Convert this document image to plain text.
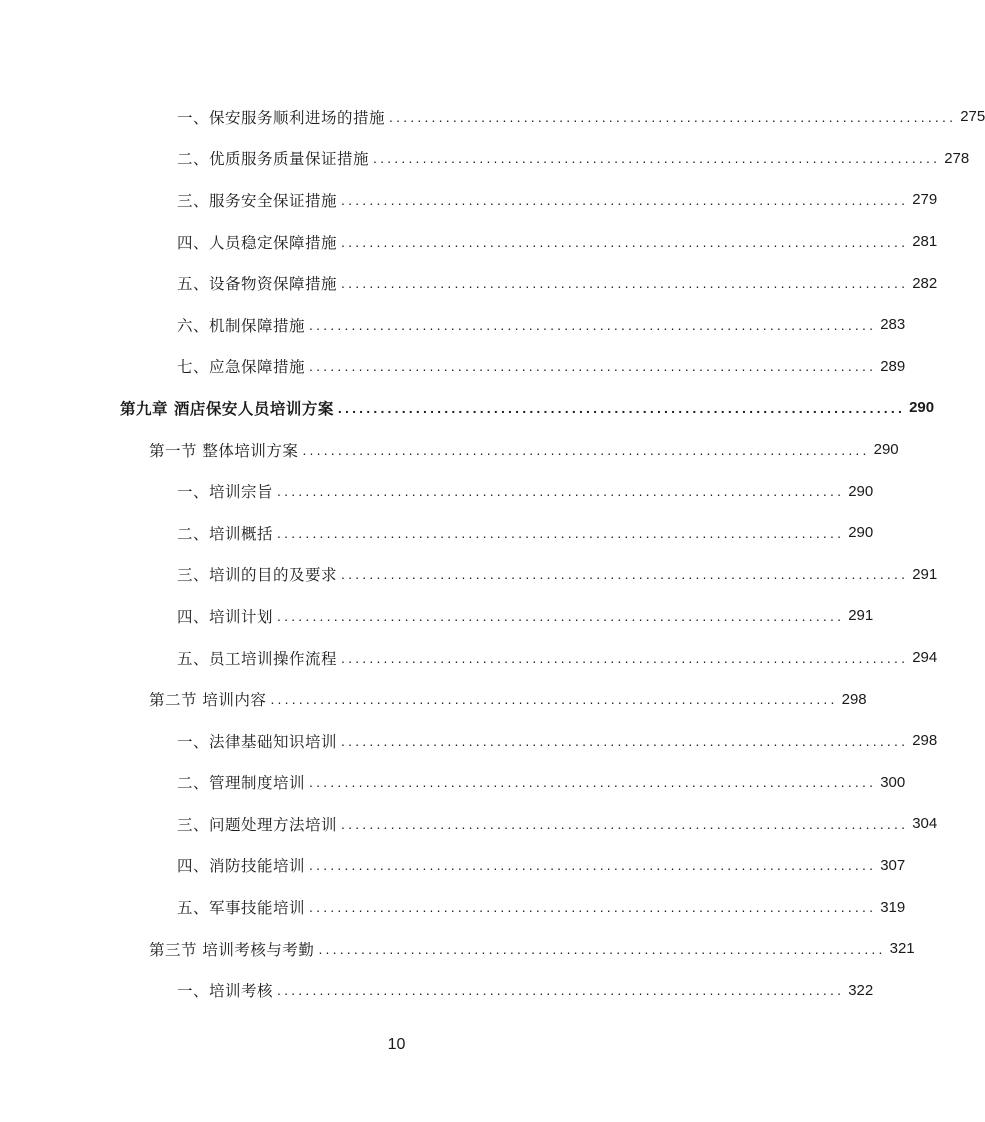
一、保安服务顺利进场的措施 ................................................................................ 275
二、优质服务质量保证措施 ................................................................................ 278
三、服务安全保证措施 ................................................................................ 279
四、人员稳定保障措施 ................................................................................ 281
五、设备物资保障措施 ................................................................................ 282
六、机制保障措施 ................................................................................ 283
七、应急保障措施 ................................................................................ 289
第九章 酒店保安人员培训方案 ................................................................................ 290
第一节 整体培训方案 ................................................................................ 290
一、培训宗旨 ................................................................................ 290
二、培训概括 ................................................................................ 290
三、培训的目的及要求 ................................................................................ 291
四、培训计划 ................................................................................ 291
五、员工培训操作流程 ................................................................................ 294
第二节 培训内容 ................................................................................ 298
一、法律基础知识培训 ................................................................................ 298
二、管理制度培训 ................................................................................ 300
三、问题处理方法培训 ................................................................................ 304
四、消防技能培训 ................................................................................ 307
五、军事技能培训 ................................................................................ 319
第三节 培训考核与考勤 ................................................................................ 321
一、培训考核 ................................................................................ 322
10
